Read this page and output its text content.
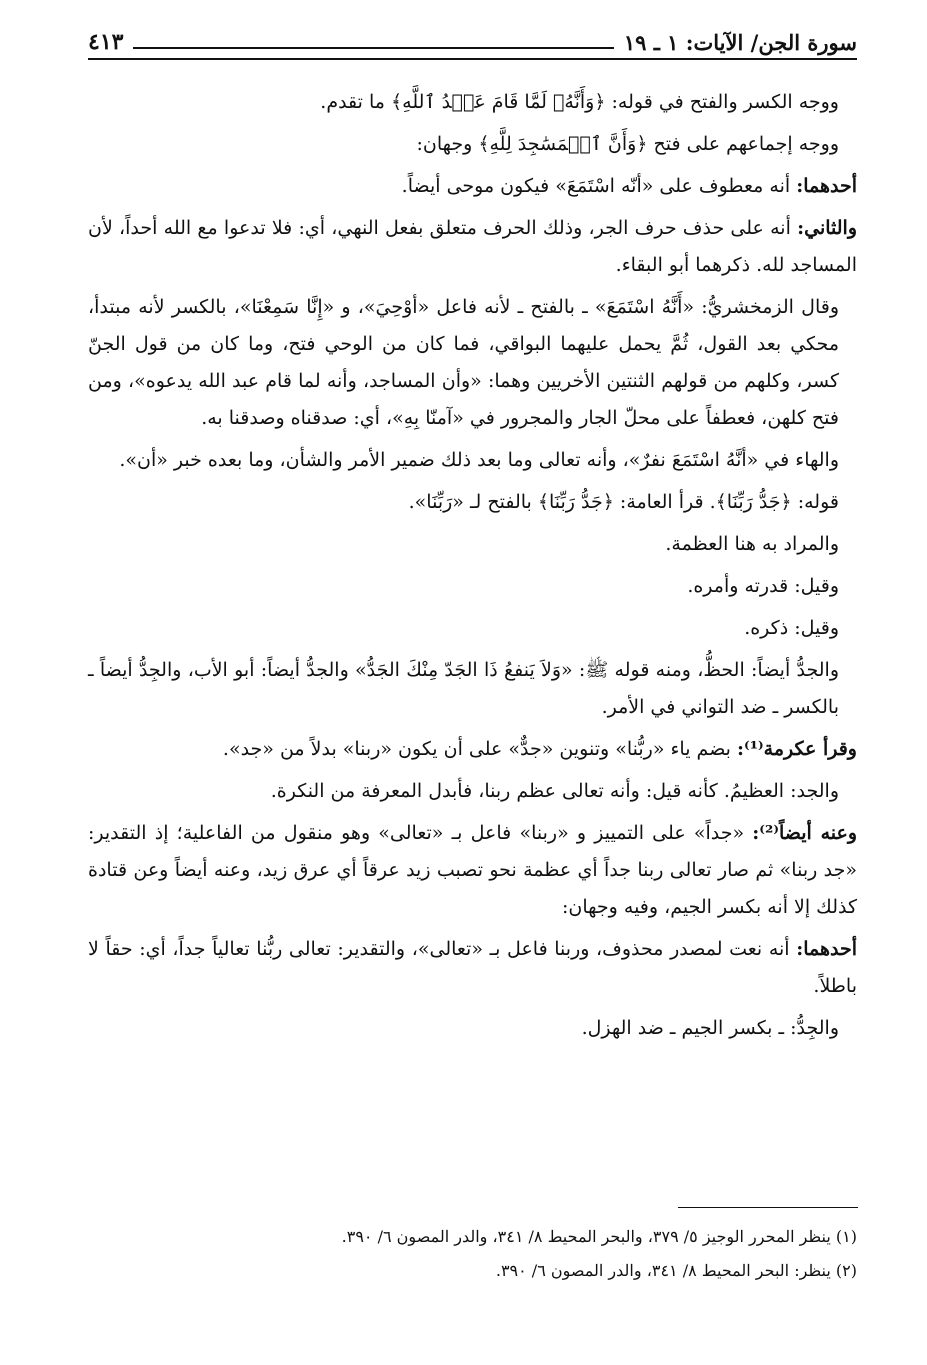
سورة الجن/ الآيات: ١ ـ ١٩
٤١٣

ووجه الكسر والفتح في قوله: ﴿وَأَنَّهُۥ لَمَّا قَامَ عَبۡدُ ٱللَّهِ﴾ ما تقدم.

ووجه إجماعهم على فتح ﴿وَأَنَّ ٱلۡمَسَٰجِدَ لِلَّهِ﴾ وجهان:

أحدهما: أنه معطوف على «أنّه اسْتَمَعَ» فيكون موحى أيضاً.

والثاني: أنه على حذف حرف الجر، وذلك الحرف متعلق بفعل النهي، أي: فلا تدعوا مع الله أحداً، لأن المساجد لله. ذكرهما أبو البقاء.

وقال الزمخشريُّ: «أَنَّهُ اسْتَمَعَ» ـ بالفتح ـ لأنه فاعل «أوْحِيَ»، و «إِنَّا سَمِعْنَا»، بالكسر لأنه مبتدأ، محكي بعد القول، ثُمَّ يحمل عليهما البواقي، فما كان من الوحي فتح، وما كان من قول الجنّ كسر، وكلهم من قولهم الثنتين الأخريين وهما: «وأن المساجد، وأنه لما قام عبد الله يدعوه»، ومن فتح كلهن، فعطفاً على محلّ الجار والمجرور في «آمنّا بِهِ»، أي: صدقناه وصدقنا به.

والهاء في «أنَّهُ اسْتَمَعَ نفرٌ»، وأنه تعالى وما بعد ذلك ضمير الأمر والشأن، وما بعده خبر «أن».

قوله: ﴿جَدُّ رَبِّنَا﴾. قرأ العامة: ﴿جَدُّ رَبِّنَا﴾ بالفتح لـ «رَبِّنَا».

والمراد به هنا العظمة.

وقيل: قدرته وأمره.

وقيل: ذكره.

والجدُّ أيضاً: الحظُّ، ومنه قوله ﷺ: «وَلاَ يَنفعُ ذَا الجَدّ مِنْكَ الجَدُّ» والجدُّ أيضاً: أبو الأب، والجِدُّ أيضاً ـ بالكسر ـ ضد التواني في الأمر.

وقرأ عكرمة⁽¹⁾: بضم ياء «ربُّنا» وتنوين «جدٌّ» على أن يكون «ربنا» بدلاً من «جد».

والجد: العظيمُ. كأنه قيل: وأنه تعالى عظم ربنا، فأبدل المعرفة من النكرة.

وعنه أيضاً⁽²⁾: «جداً» على التمييز و «ربنا» فاعل بـ «تعالى» وهو منقول من الفاعلية؛ إذ التقدير: «جد ربنا» ثم صار تعالى ربنا جداً أي عظمة نحو تصبب زيد عرقاً أي عرق زيد، وعنه أيضاً وعن قتادة كذلك إلا أنه بكسر الجيم، وفيه وجهان:

أحدهما: أنه نعت لمصدر محذوف، وربنا فاعل بـ «تعالى»، والتقدير: تعالى ربُّنا تعالياً جداً، أي: حقاً لا باطلاً.

والجِدُّ: ـ بكسر الجيم ـ ضد الهزل.

(١) ينظر المحرر الوجيز ٥/ ٣٧٩، والبحر المحيط ٨/ ٣٤١، والدر المصون ٦/ ٣٩٠.

(٢) ينظر: البحر المحيط ٨/ ٣٤١، والدر المصون ٦/ ٣٩٠.
